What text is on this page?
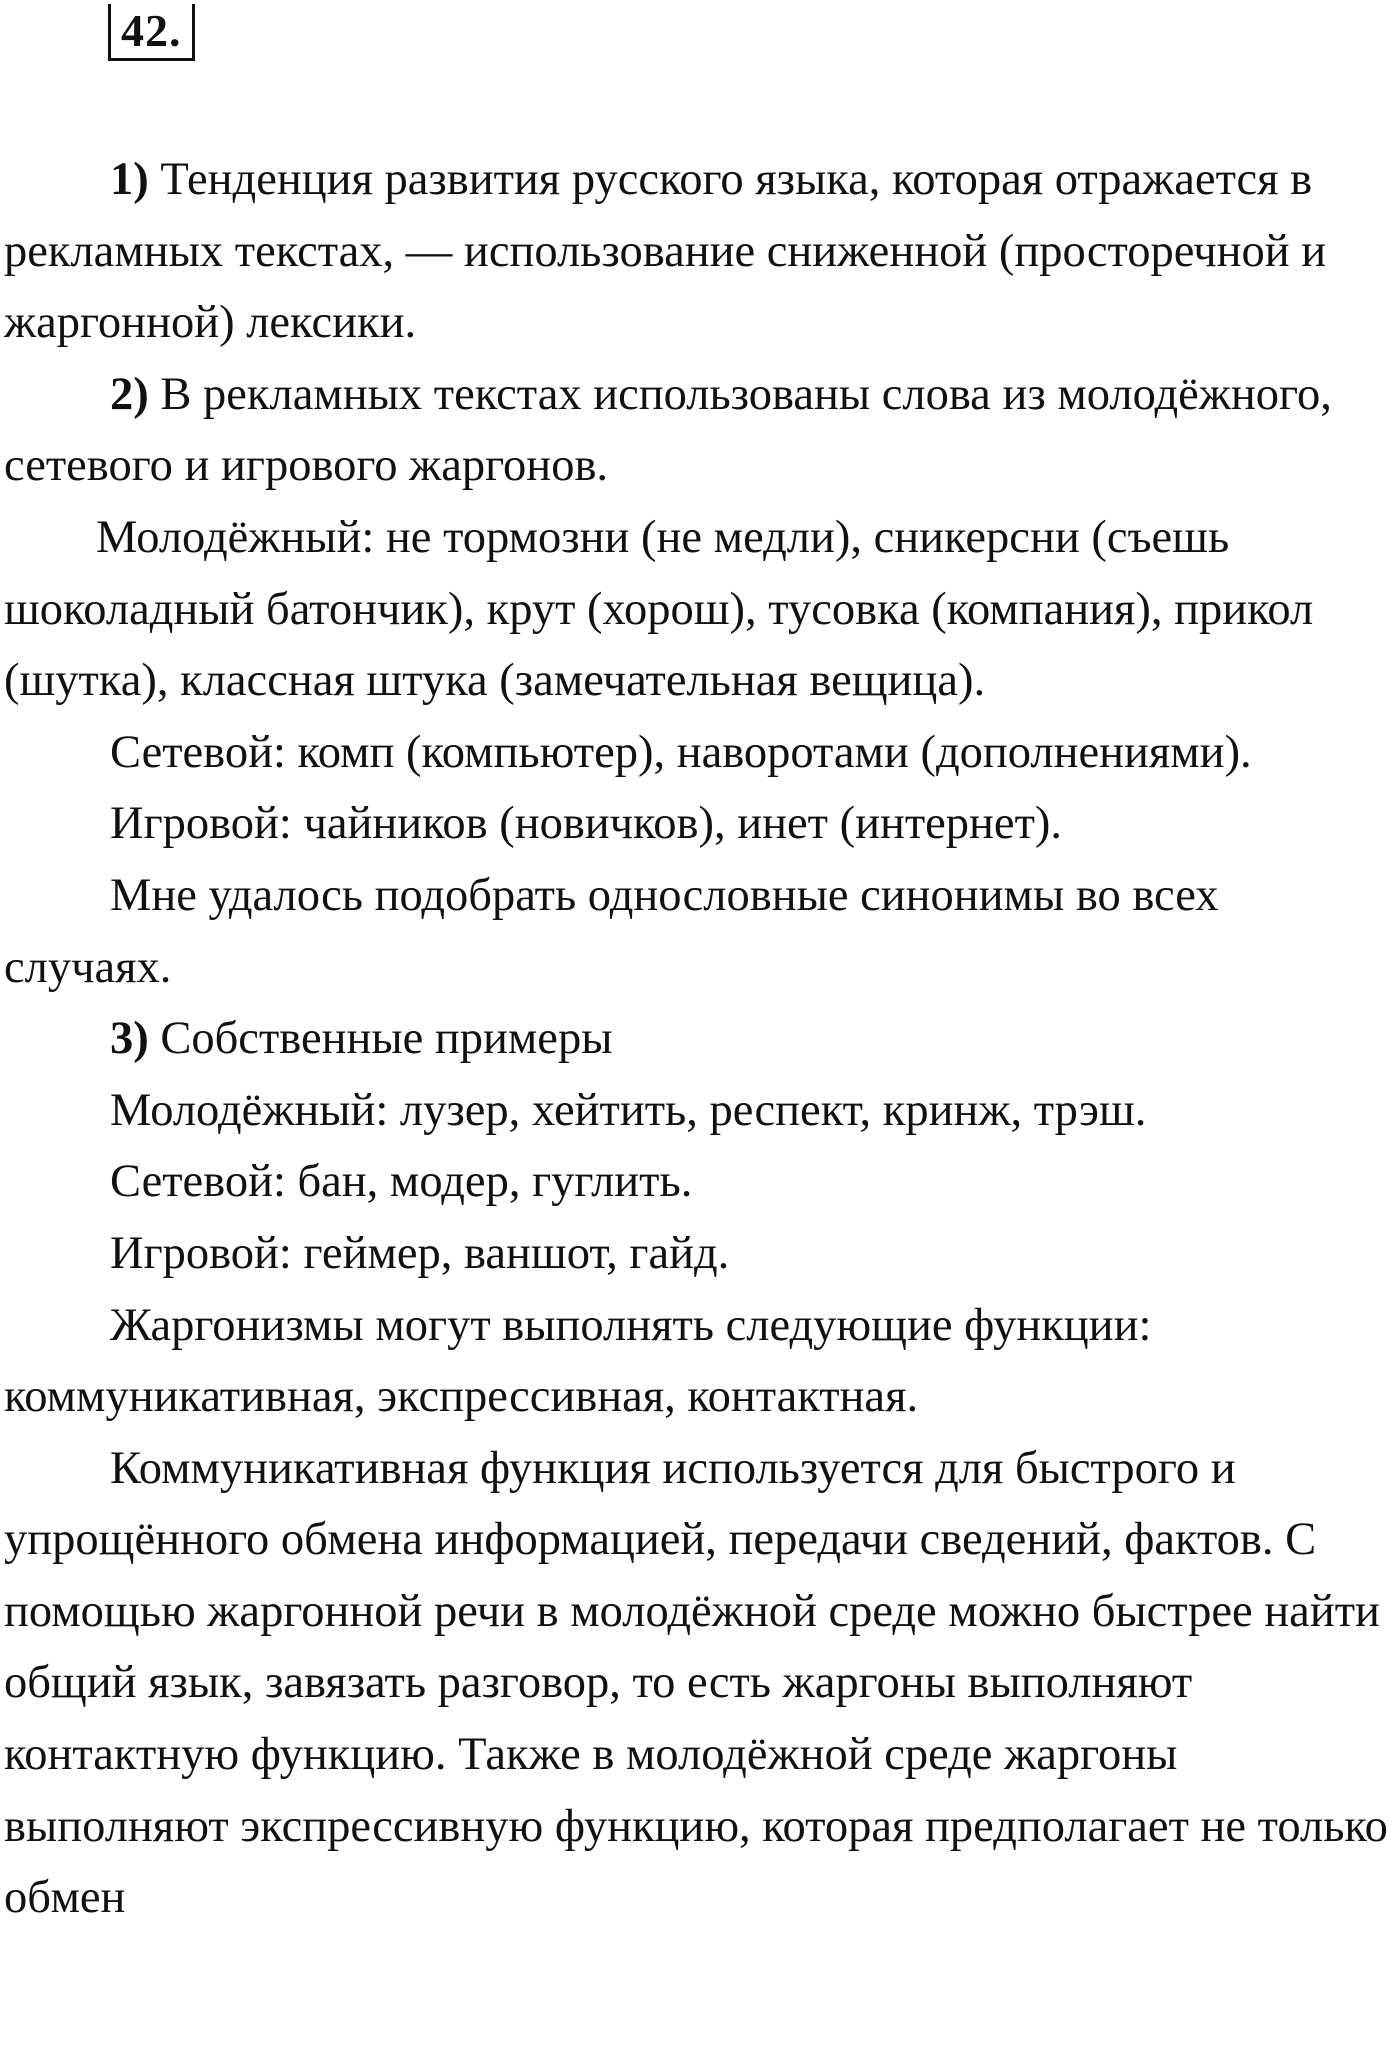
42.

1) Тенденция развития русского языка, которая отражается в рекламных текстах, — использование сниженной (просторечной и жаргонной) лексики.

2) В рекламных текстах использованы слова из молодёжного, сетевого и игрового жаргонов.

Молодёжный: не тормозни (не медли), сникерсни (съешь шоколадный батончик), крут (хорош), тусовка (компания), прикол (шутка), классная штука (замечательная вещица).

Сетевой: комп (компьютер), наворотами (дополнениями).

Игровой: чайников (новичков), инет (интернет).

Мне удалось подобрать однословные синонимы во всех случаях.

3) Собственные примеры

Молодёжный: лузер, хейтить, респект, кринж, трэш.

Сетевой: бан, модер, гуглить.

Игровой: геймер, ваншот, гайд.

Жаргонизмы могут выполнять следующие функции: коммуникативная, экспрессивная, контактная.

Коммуникативная функция используется для быстрого и упрощённого обмена информацией, передачи сведений, фактов. С помощью жаргонной речи в молодёжной среде можно быстрее найти общий язык, завязать разговор, то есть жаргоны выполняют контактную функцию. Также в молодёжной среде жаргоны выполняют экспрессивную функцию, которая предполагает не только обмен
